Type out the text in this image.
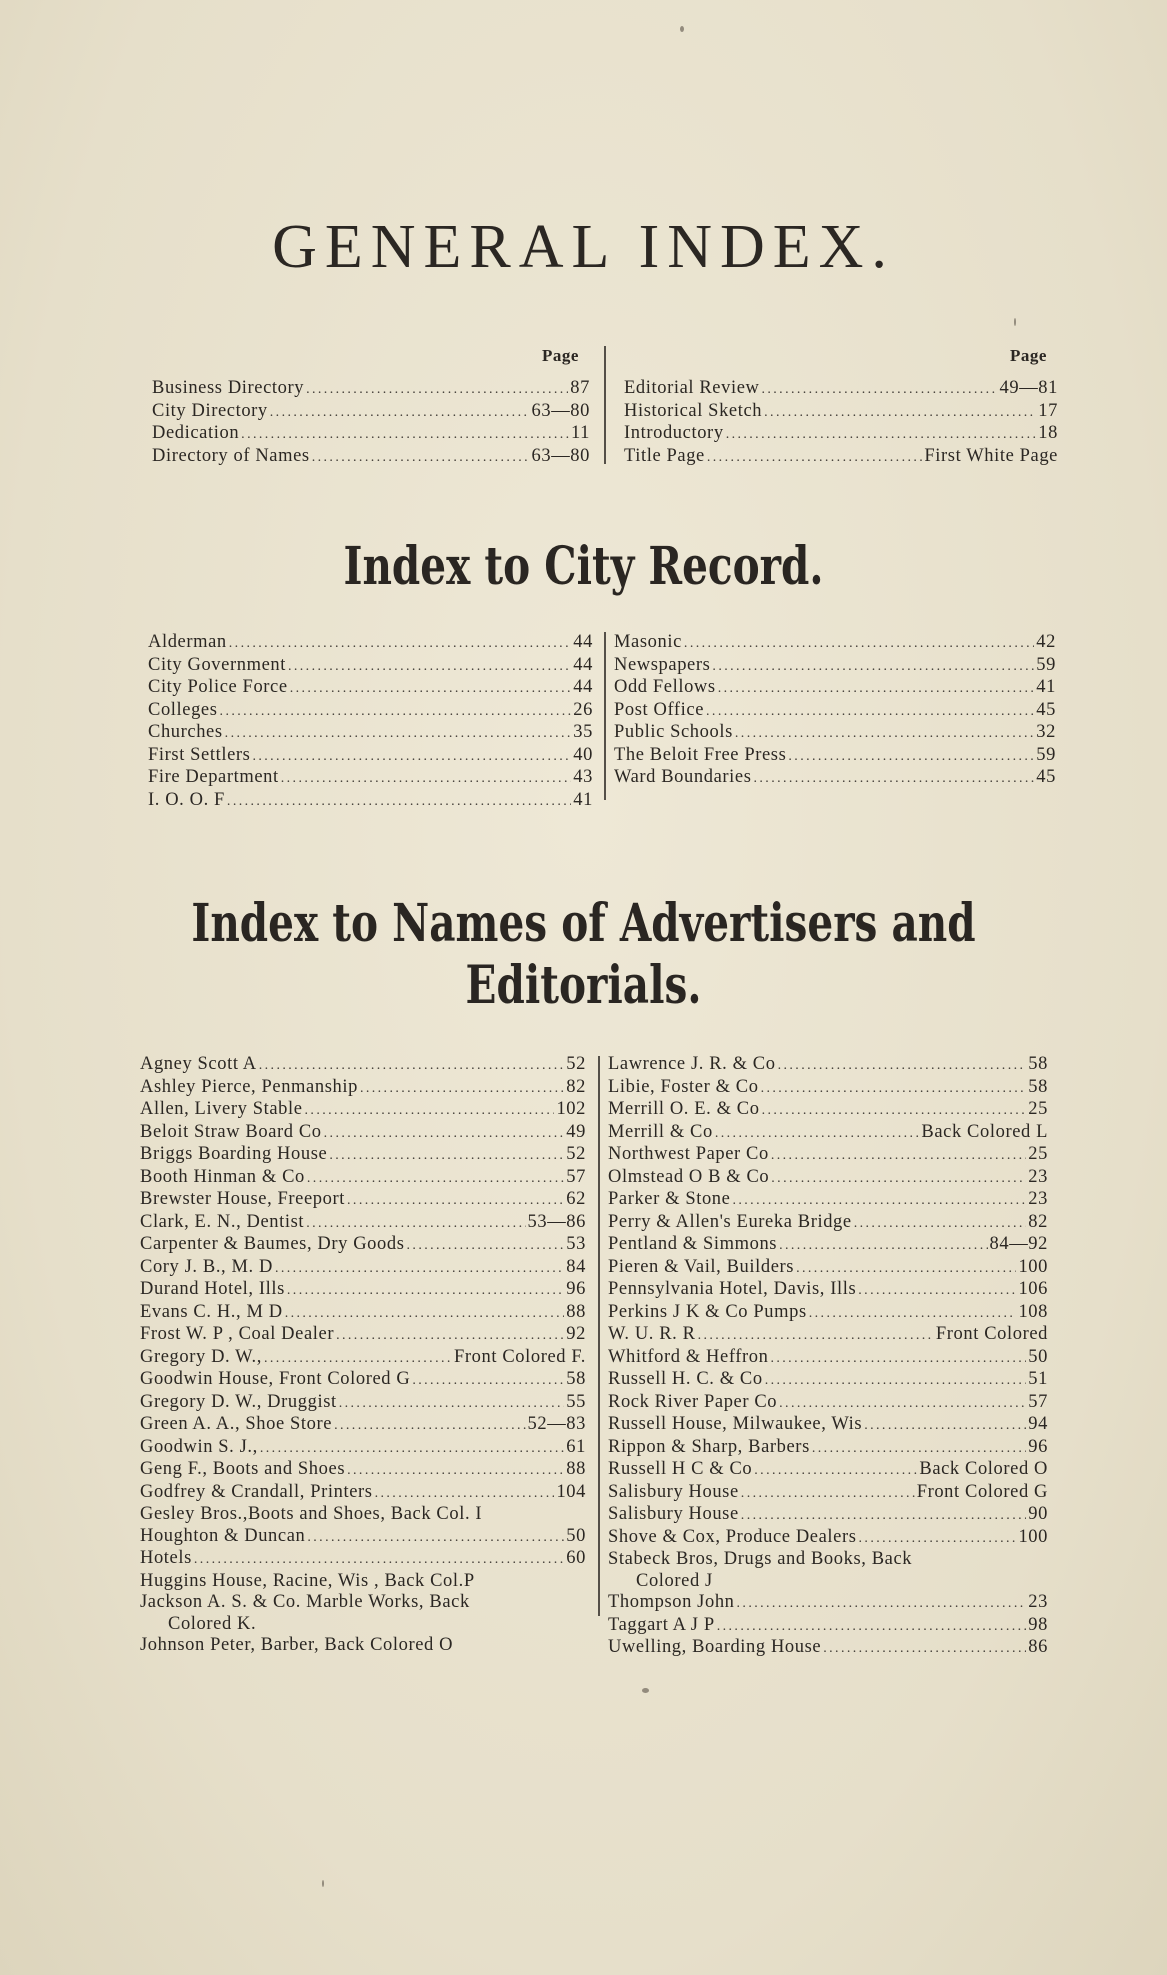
GENERAL INDEX.
Page	Page
Business Directory .....	87
City Directory .....	63—80
Dedication .....	11
Directory of Names .....	63—80
Editorial Review .....	49—81
Historical Sketch .....	17
Introductory .....	18
Title Page .....	First White Page
Index to City Record.
Alderman .....	44
City Government .....	44
City Police Force .....	44
Colleges .....	26
Churches .....	35
First Settlers .....	40
Fire Department .....	43
I. O. O. F .....	41
Masonic .....	42
Newspapers .....	59
Odd Fellows .....	41
Post Office .....	45
Public Schools .....	32
The Beloit Free Press .....	59
Ward Boundaries .....	45
Index to Names of Advertisers and
Editorials.
Agney Scott A .....	52
Ashley Pierce, Penmanship .....	82
Allen, Livery Stable .....	102
Beloit Straw Board Co .....	49
Briggs Boarding House .....	52
Booth Hinman & Co .....	57
Brewster House, Freeport .....	62
Clark, E. N., Dentist .....	53—86
Carpenter & Baumes, Dry Goods .....	53
Cory J. B., M. D .....	84
Durand Hotel, Ills .....	96
Evans C. H., M D .....	88
Frost W. P , Coal Dealer .....	92
Gregory D. W., .....	Front Colored F.
Goodwin House, Front Colored G .....	58
Gregory D. W., Druggist .....	55
Green A. A., Shoe Store .....	52—83
Goodwin S. J., .....	61
Geng F., Boots and Shoes .....	88
Godfrey & Crandall, Printers .....	104
Gesley Bros.,Boots and Shoes, Back Col. I
Houghton & Duncan .....	50
Hotels .....	60
Huggins House, Racine, Wis , Back Col.P
Jackson A. S. & Co. Marble Works, Back
Colored K.
Johnson Peter, Barber, Back Colored O
Lawrence J. R. & Co .....	58
Libie, Foster & Co .....	58
Merrill O. E. & Co .....	25
Merrill & Co .....	Back Colored L
Northwest Paper Co .....	25
Olmstead O B & Co .....	23
Parker & Stone .....	23
Perry & Allen's Eureka Bridge .....	82
Pentland & Simmons .....	84—92
Pieren & Vail, Builders .....	100
Pennsylvania Hotel, Davis, Ills .....	106
Perkins J K & Co Pumps .....	108
W. U. R. R .....	Front Colored
Whitford & Heffron .....	50
Russell H. C. & Co .....	51
Rock River Paper Co .....	57
Russell House, Milwaukee, Wis .....	94
Rippon & Sharp, Barbers .....	96
Russell H C & Co .....	Back Colored O
Salisbury House .....	Front Colored G
Salisbury House .....	90
Shove & Cox, Produce Dealers .....	100
Stabeck Bros, Drugs and Books, Back
Colored J
Thompson John .....	23
Taggart A J P .....	98
Uwelling, Boarding House .....	86
